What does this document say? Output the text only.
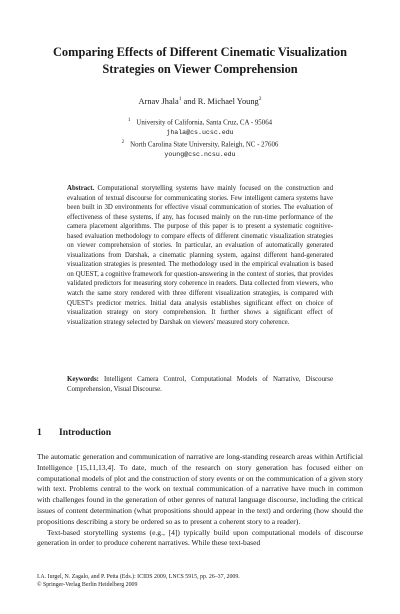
Comparing Effects of Different Cinematic Visualization Strategies on Viewer Comprehension
Arnav Jhala$^1$ and R. Michael Young$^2$
$^1$ University of California, Santa Cruz, CA - 95064
jhala@cs.ucsc.edu
$^2$ North Carolina State University, Raleigh, NC - 27606
young@csc.ncsu.edu
Abstract. Computational storytelling systems have mainly focused on the construction and evaluation of textual discourse for communicating stories. Few intelligent camera systems have been built in 3D environments for effective visual communication of stories. The evaluation of effectiveness of these systems, if any, has focused mainly on the run-time performance of the camera placement algorithms. The purpose of this paper is to present a systematic cognitive-based evaluation methodology to compare effects of different cinematic visualization strategies on viewer comprehension of stories. In particular, an evaluation of automatically generated visualizations from Darshak, a cinematic planning system, against different hand-generated visualization strategies is presented. The methodology used in the empirical evaluation is based on QUEST, a cognitive framework for question-answering in the context of stories, that provides validated predictors for measuring story coherence in readers. Data collected from viewers, who watch the same story rendered with three different visualization strategies, is compared with QUEST's predictor metrics. Initial data analysis establishes significant effect on choice of visualization strategy on story comprehension. It further shows a significant effect of visualization strategy selected by Darshak on viewers' measured story coherence.
Keywords: Intelligent Camera Control, Computational Models of Narrative, Discourse Comprehension, Visual Discourse.
1 Introduction

The automatic generation and communication of narrative are long-standing research areas within Artificial Intelligence [15,11,13,4]. To date, much of the research on story generation has focused either on computational models of plot and the construction of story events or on the communication of a given story with text. Problems central to the work on textual communication of a narrative have much in common with challenges found in the generation of other genres of natural language discourse, including the critical issues of content determination (what propositions should appear in the text) and ordering (how should the propositions describing a story be ordered so as to present a coherent story to a reader).

Text-based storytelling systems (e.g., [4]) typically build upon computational models of discourse generation in order to produce coherent narratives. While these text-based

I.A. Iurgel, N. Zagalo, and P. Petta (Eds.): ICIDS 2009, LNCS 5915, pp. 26–37, 2009.
© Springer-Verlag Berlin Heidelberg 2009
